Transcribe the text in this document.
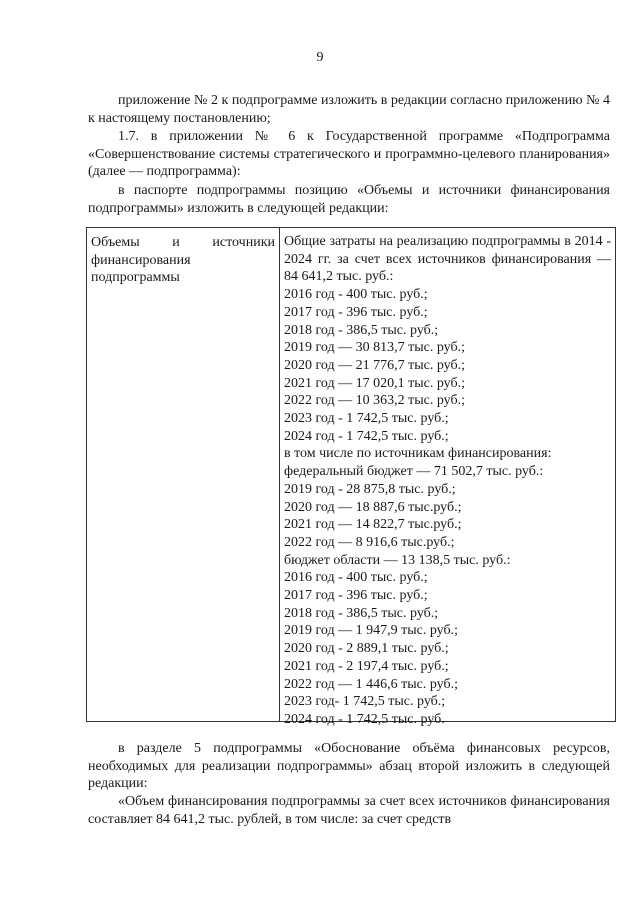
9
приложение № 2 к подпрограмме изложить в редакции согласно приложению № 4 к настоящему постановлению;
1.7. в приложении № 6 к Государственной программе «Подпрограмма «Совершенствование системы стратегического и программно-целевого планирования» (далее — подпрограмма):
в паспорте подпрограммы позицию «Объемы и источники финансирования подпрограммы» изложить в следующей редакции:
Объемы и источники
финансирования
подпрограммы
Общие затраты на реализацию подпрограммы в 2014 - 2024 гг. за счет всех источников финансирования — 84 641,2 тыс. руб.:
2016 год - 400 тыс. руб.;
2017 год - 396 тыс. руб.;
2018 год - 386,5 тыс. руб.;
2019 год — 30 813,7 тыс. руб.;
2020 год — 21 776,7 тыс. руб.;
2021 год — 17 020,1 тыс. руб.;
2022 год — 10 363,2 тыс. руб.;
2023 год - 1 742,5 тыс. руб.;
2024 год - 1 742,5 тыс. руб.;
в том числе по источникам финансирования:
федеральный бюджет — 71 502,7 тыс. руб.:
2019 год - 28 875,8 тыс. руб.;
2020 год — 18 887,6 тыс.руб.;
2021 год — 14 822,7 тыс.руб.;
2022 год — 8 916,6 тыс.руб.;
бюджет области — 13 138,5 тыс. руб.:
2016 год - 400 тыс. руб.;
2017 год - 396 тыс. руб.;
2018 год - 386,5 тыс. руб.;
2019 год — 1 947,9 тыс. руб.;
2020 год - 2 889,1 тыс. руб.;
2021 год - 2 197,4 тыс. руб.;
2022 год — 1 446,6 тыс. руб.;
2023 год- 1 742,5 тыс. руб.;
2024 год - 1 742,5 тыс. руб.
в разделе 5 подпрограммы «Обоснование объёма финансовых ресурсов, необходимых для реализации подпрограммы» абзац второй изложить в следующей редакции:
«Объем финансирования подпрограммы за счет всех источников финансирования составляет 84 641,2 тыс. рублей, в том числе: за счет средств
